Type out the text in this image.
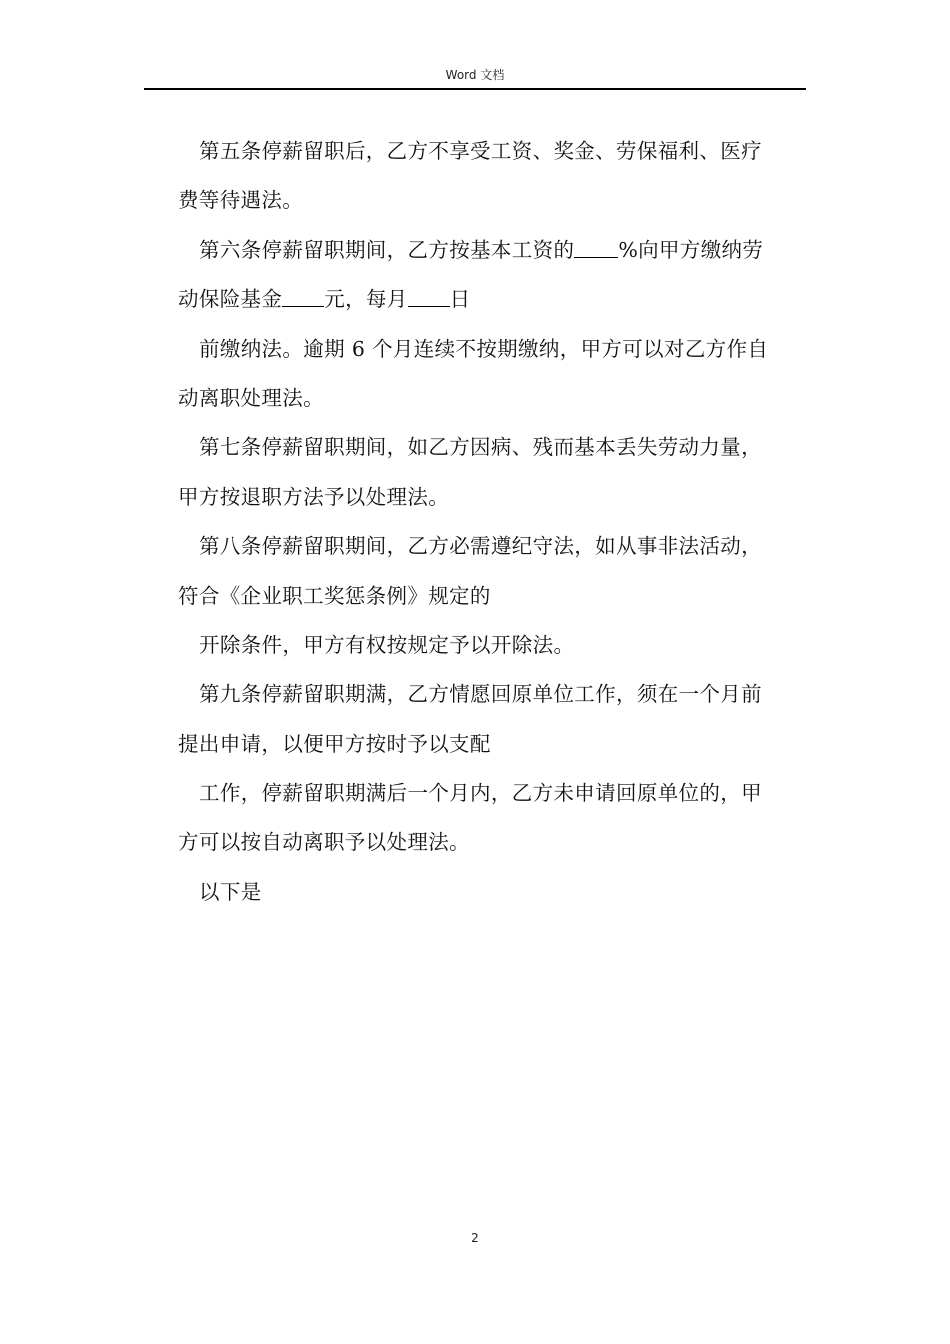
Word 文档
第五条停薪留职后，乙方不享受工资、奖金、劳保福利、医疗
费等待遇法。
第六条停薪留职期间，乙方按基本工资的 %向甲方缴纳劳
动保险基金 元，每月 日
前缴纳法。逾期 6 个月连续不按期缴纳，甲方可以对乙方作自
动离职处理法。
第七条停薪留职期间，如乙方因病、残而基本丢失劳动力量，
甲方按退职方法予以处理法。
第八条停薪留职期间，乙方必需遵纪守法，如从事非法活动，
符合《企业职工奖惩条例》规定的
开除条件，甲方有权按规定予以开除法。
第九条停薪留职期满，乙方情愿回原单位工作，须在一个月前
提出申请，以便甲方按时予以支配
工作，停薪留职期满后一个月内，乙方未申请回原单位的，甲
方可以按自动离职予以处理法。
以下是
2
